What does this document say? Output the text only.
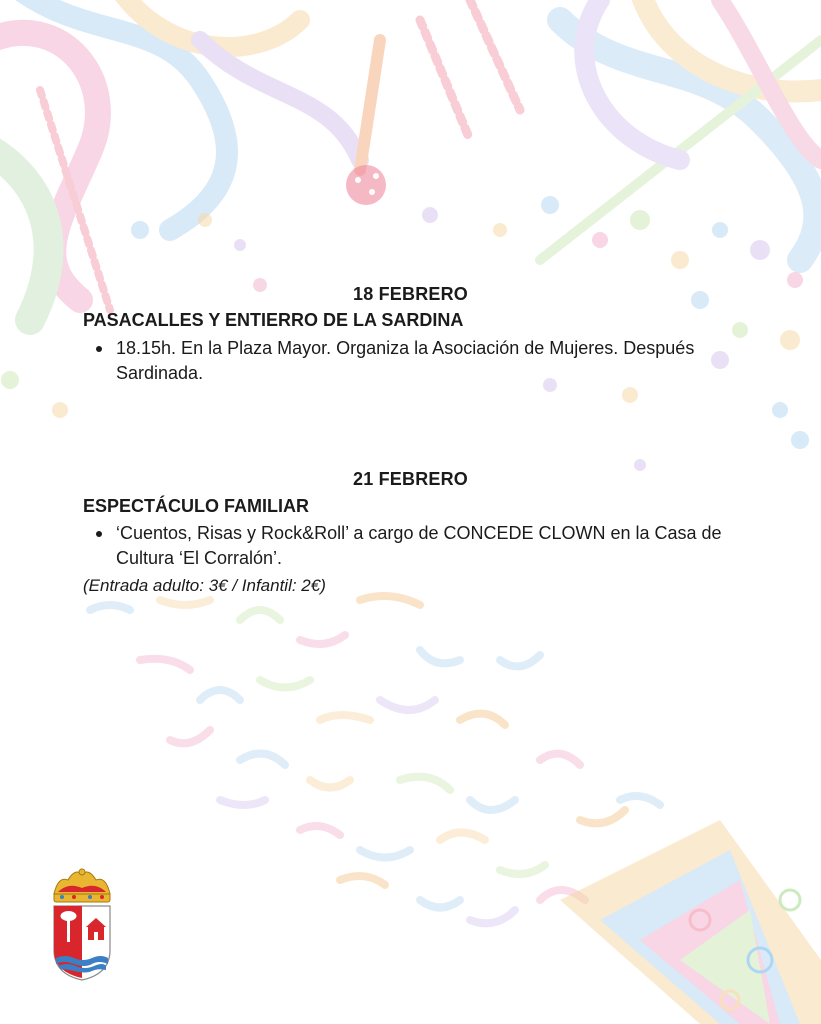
18 FEBRERO
PASACALLES Y ENTIERRO DE LA SARDINA
18.15h. En la Plaza Mayor. Organiza la Asociación de Mujeres. Después Sardinada.
21 FEBRERO
ESPECTÁCULO FAMILIAR
‘Cuentos, Risas y Rock&Roll’ a cargo de CONCEDE CLOWN en la Casa de Cultura ‘El Corralón’.
(Entrada adulto: 3€ / Infantil: 2€)
